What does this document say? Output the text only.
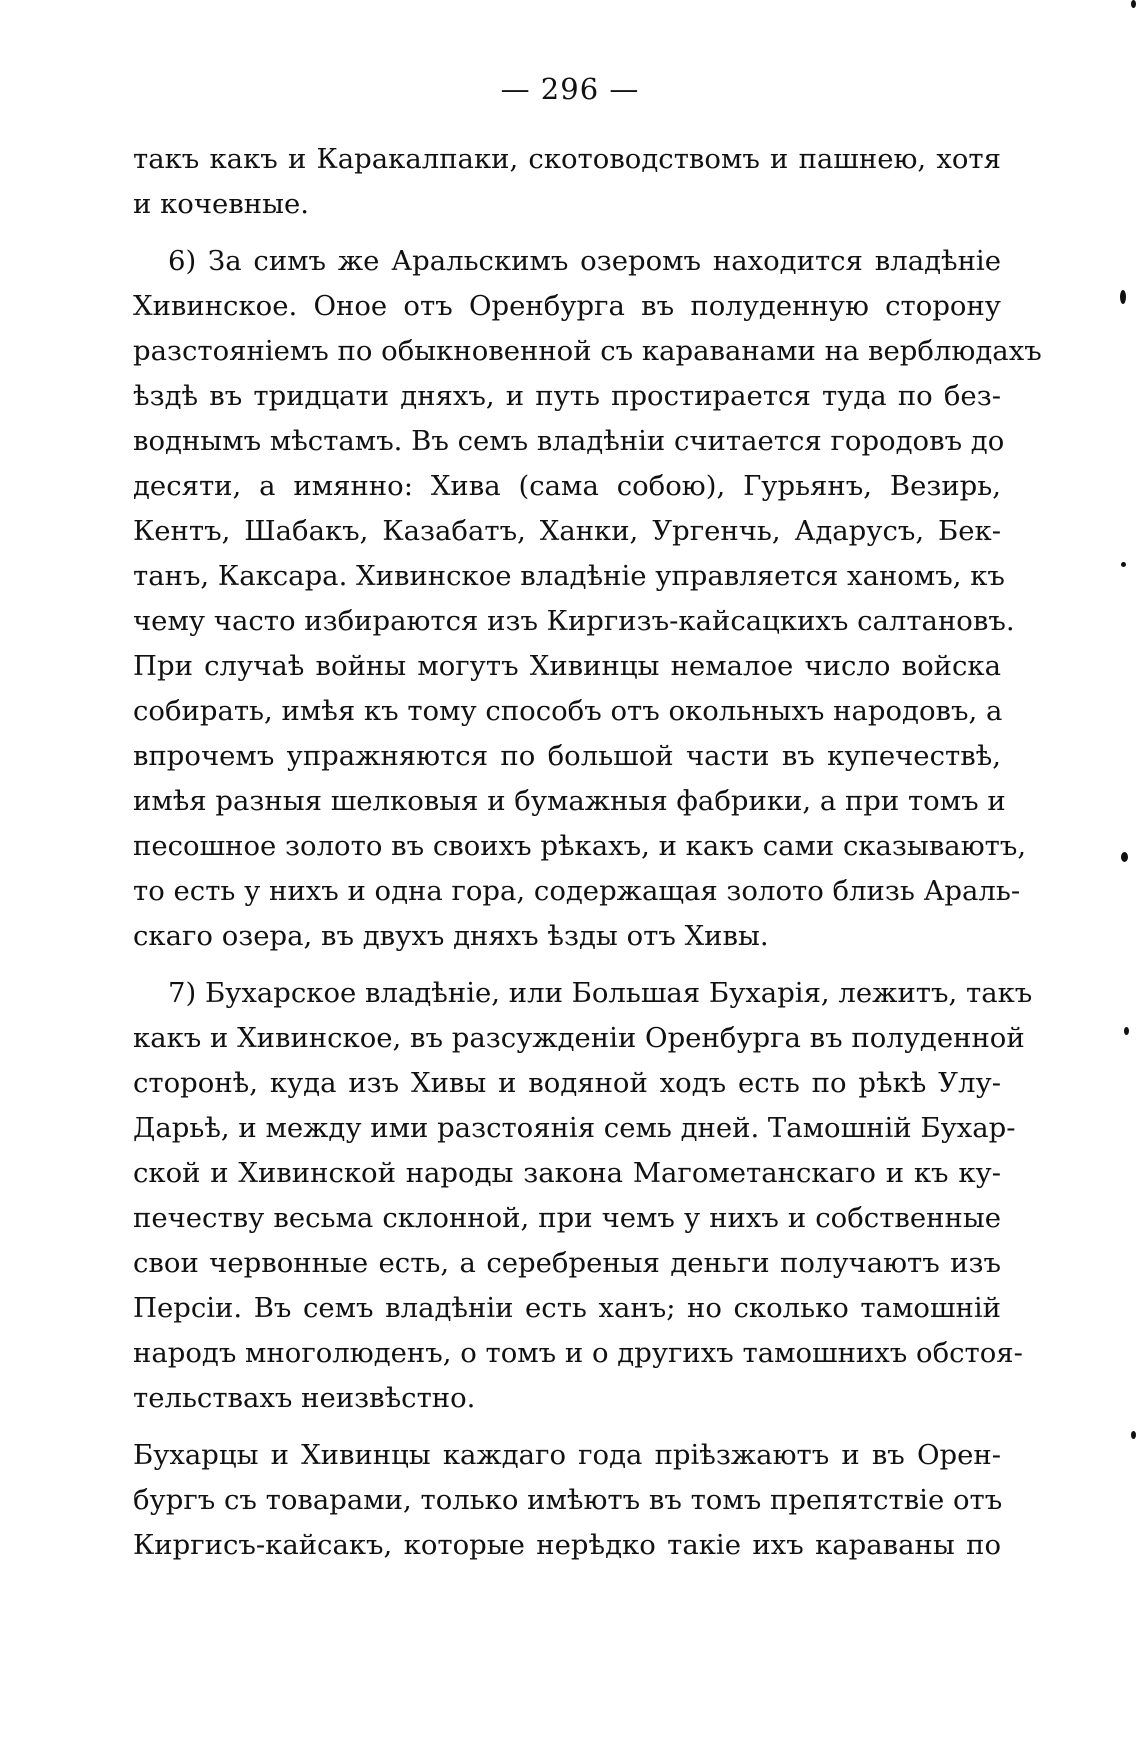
— 296 —
такъ какъ и Каракалпаки, скотоводствомъ и пашнею, хотя
и кочевные.
6) За симъ же Аральскимъ озеромъ находится владѣніе
Хивинское. Оное отъ Оренбурга въ полуденную сторону
разстояніемъ по обыкновенной съ караванами на верблюдахъ
ѣздѣ въ тридцати дняхъ, и путь простирается туда по без-
воднымъ мѣстамъ. Въ семъ владѣніи считается городовъ до
десяти, а имянно: Хива (сама собою), Гурьянъ, Везирь,
Кентъ, Шабакъ, Казабатъ, Ханки, Ургенчь, Адарусъ, Бек-
танъ, Каксара. Хивинское владѣніе управляется ханомъ, къ
чему часто избираются изъ Киргизъ-кайсацкихъ салтановъ.
При случаѣ войны могутъ Хивинцы немалое число войска
собирать, имѣя къ тому способъ отъ окольныхъ народовъ, а
впрочемъ упражняются по большой части въ купечествѣ,
имѣя разныя шелковыя и бумажныя фабрики, а при томъ и
песошное золото въ своихъ рѣкахъ, и какъ сами сказываютъ,
то есть у нихъ и одна гора, содержащая золото близь Араль-
скаго озера, въ двухъ дняхъ ѣзды отъ Хивы.
7) Бухарское владѣніе, или Большая Бухарія, лежитъ, такъ
какъ и Хивинское, въ разсужденіи Оренбурга въ полуденной
сторонѣ, куда изъ Хивы и водяной ходъ есть по рѣкѣ Улу-
Дарьѣ, и между ими разстоянія семь дней. Тамошній Бухар-
ской и Хивинской народы закона Магометанскаго и къ ку-
печеству весьма склонной, при чемъ у нихъ и собственные
свои червонные есть, а серебреныя деньги получаютъ изъ
Персіи. Въ семъ владѣніи есть ханъ; но сколько тамошній
народъ многолюденъ, о томъ и о другихъ тамошнихъ обстоя-
тельствахъ неизвѣстно.
Бухарцы и Хивинцы каждаго года пріѣзжаютъ и въ Орен-
бургъ съ товарами, только имѣютъ въ томъ препятствіе отъ
Киргисъ-кайсакъ, которые нерѣдко такіе ихъ караваны по
